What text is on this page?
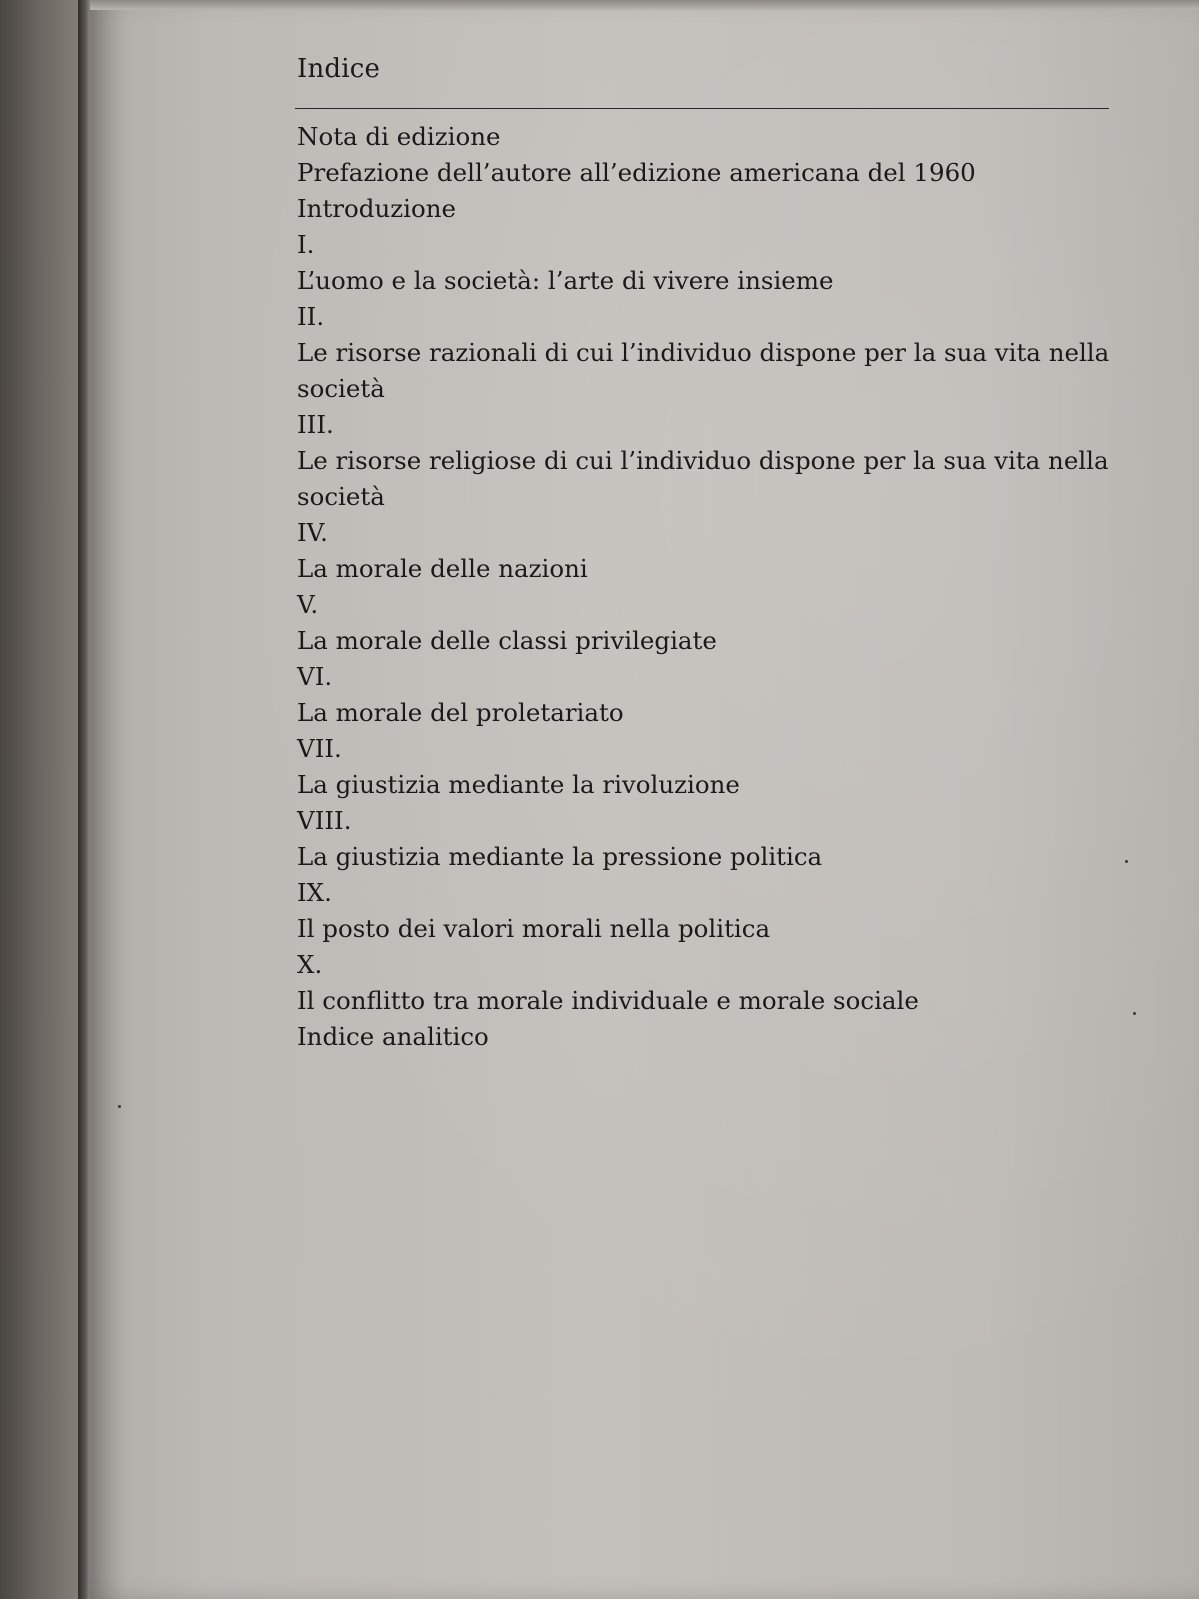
Indice
Nota di edizione
Prefazione dell’autore all’edizione americana del 1960
Introduzione
I.
L’uomo e la società: l’arte di vivere insieme
II.
Le risorse razionali di cui l’individuo dispone per la sua vita nella
società
III.
Le risorse religiose di cui l’individuo dispone per la sua vita nella
società
IV.
La morale delle nazioni
V.
La morale delle classi privilegiate
VI.
La morale del proletariato
VII.
La giustizia mediante la rivoluzione
VIII.
La giustizia mediante la pressione politica
IX.
Il posto dei valori morali nella politica
X.
Il conflitto tra morale individuale e morale sociale
Indice analitico
